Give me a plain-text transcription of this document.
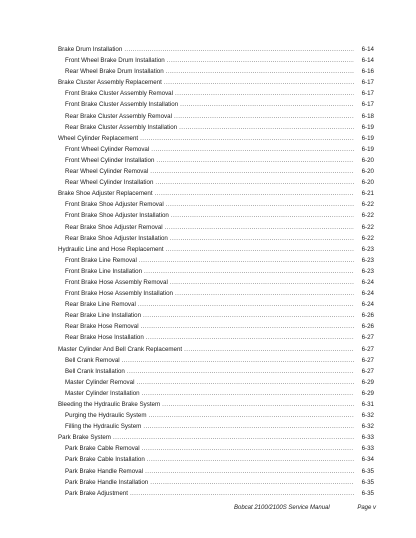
Brake Drum Installation .....	6-14
Front Wheel Brake Drum Installation .....	6-14
Rear Wheel Brake Drum Installation .....	6-16
Brake Cluster Assembly Replacement .....	6-17
Front Brake Cluster Assembly Removal .....	6-17
Front Brake Cluster Assembly Installation .....	6-17
Rear Brake Cluster Assembly Removal .....	6-18
Rear Brake Cluster Assembly Installation .....	6-19
Wheel Cylinder Replacement .....	6-19
Front Wheel Cylinder Removal .....	6-19
Front Wheel Cylinder Installation .....	6-20
Rear Wheel Cylinder Removal .....	6-20
Rear Wheel Cylinder Installation .....	6-20
Brake Shoe Adjuster Replacement .....	6-21
Front Brake Shoe Adjuster Removal .....	6-22
Front Brake Shoe Adjuster Installation .....	6-22
Rear Brake Shoe Adjuster Removal .....	6-22
Rear Brake Shoe Adjuster Installation .....	6-22
Hydraulic Line and Hose Replacement .....	6-23
Front Brake Line Removal .....	6-23
Front Brake Line Installation .....	6-23
Front Brake Hose Assembly Removal .....	6-24
Front Brake Hose Assembly Installation .....	6-24
Rear Brake Line Removal .....	6-24
Rear Brake Line Installation .....	6-26
Rear Brake Hose Removal .....	6-26
Rear Brake Hose Installation .....	6-27
Master Cylinder And Bell Crank Replacement .....	6-27
Bell Crank Removal .....	6-27
Bell Crank Installation .....	6-27
Master Cylinder Removal .....	6-29
Master Cylinder Installation .....	6-29
Bleeding the Hydraulic Brake System .....	6-31
Purging the Hydraulic System .....	6-32
Filling the Hydraulic System .....	6-32
Park Brake System .....	6-33
Park Brake Cable Removal .....	6-33
Park Brake Cable Installation .....	6-34
Park Brake Handle Removal .....	6-35
Park Brake Handle Installation .....	6-35
Park Brake Adjustment .....	6-35
Bobcat 2100/2100S Service Manual	Page v
